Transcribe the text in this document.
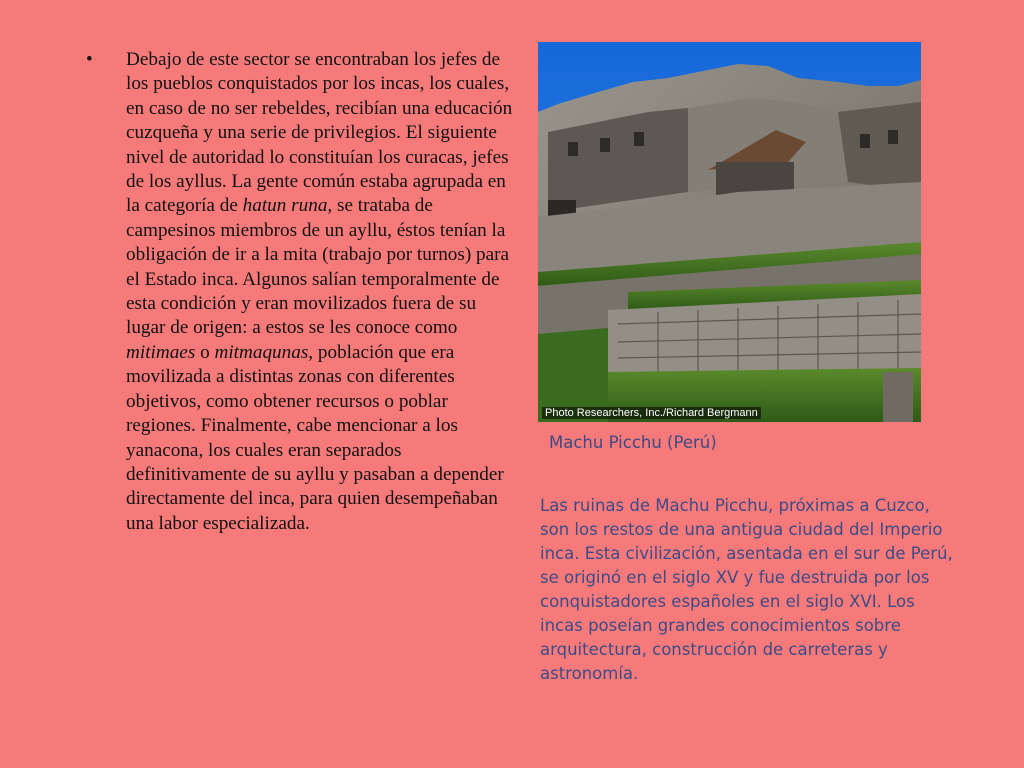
• Debajo de este sector se encontraban los jefes de los pueblos conquistados por los incas, los cuales, en caso de no ser rebeldes, recibían una educación cuzqueña y una serie de privilegios. El siguiente nivel de autoridad lo constituían los curacas, jefes de los ayllus. La gente común estaba agrupada en la categoría de hatun runa, se trataba de campesinos miembros de un ayllu, éstos tenían la obligación de ir a la mita (trabajo por turnos) para el Estado inca. Algunos salían temporalmente de esta condición y eran movilizados fuera de su lugar de origen: a estos se les conoce como mitimaes o mitmaqunas, población que era movilizada a distintas zonas con diferentes objetivos, como obtener recursos o poblar regiones. Finalmente, cabe mencionar a los yanacona, los cuales eran separados definitivamente de su ayllu y pasaban a depender directamente del inca, para quien desempeñaban una labor especializada.
Photo Researchers, Inc./Richard Bergmann
Machu Picchu (Perú)
Las ruinas de Machu Picchu, próximas a Cuzco, son los restos de una antigua ciudad del Imperio inca. Esta civilización, asentada en el sur de Perú, se originó en el siglo XV y fue destruida por los conquistadores españoles en el siglo XVI. Los incas poseían grandes conocimientos sobre arquitectura, construcción de carreteras y astronomía.
